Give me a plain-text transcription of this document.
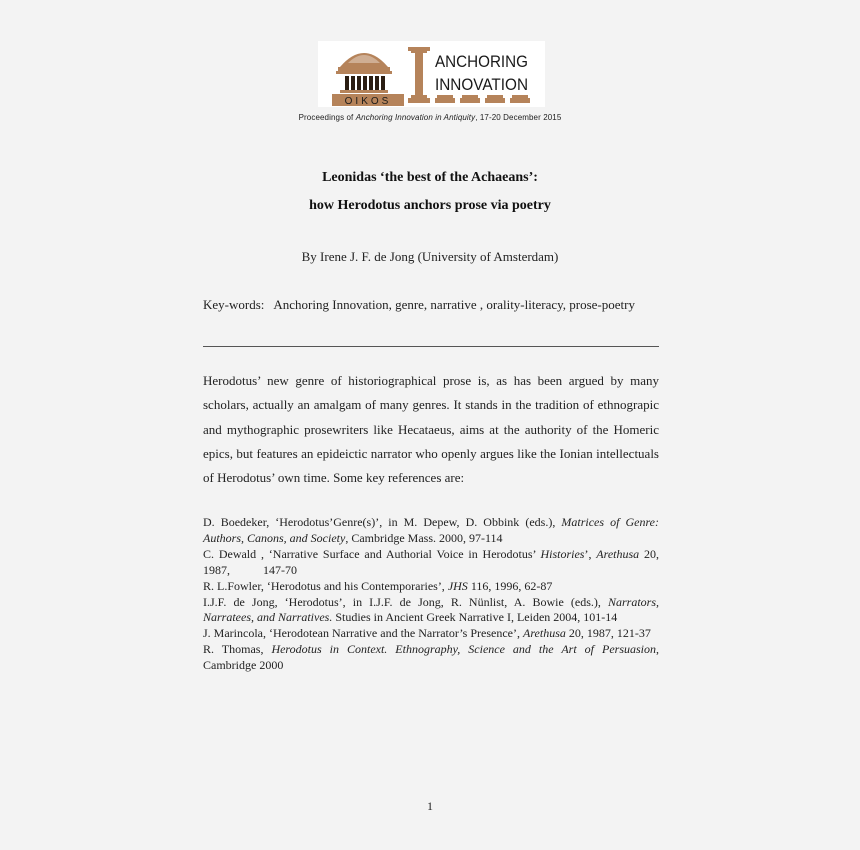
OIKOS
ANCHORING
INNOVATION
Proceedings of Anchoring Innovation in Antiquity, 17-20 December 2015
Leonidas ‘the best of the Achaeans’:
how Herodotus anchors prose via poetry
By Irene J. F. de Jong (University of Amsterdam)
Key-words: Anchoring Innovation, genre, narrative , orality-literacy, prose-poetry
Herodotus’ new genre of historiographical prose is, as has been argued by many scholars, actually an amalgam of many genres. It stands in the tradition of ethnograpic and mythographic prosewriters like Hecataeus, aims at the authority of the Homeric epics, but features an epideictic narrator who openly argues like the Ionian intellectuals of Herodotus’ own time. Some key references are:

D. Boedeker, ‘Herodotus’Genre(s)’, in M. Depew, D. Obbink (eds.), Matrices of Genre: Authors, Canons, and Society, Cambridge Mass. 2000, 97-114

C. Dewald , ‘Narrative Surface and Authorial Voice in Herodotus’ Histories’, Arethusa 20, 1987,           147-70

R. L.Fowler, ‘Herodotus and his Contemporaries’, JHS 116, 1996, 62-87

I.J.F. de Jong, ‘Herodotus’, in I.J.F. de Jong, R. Nünlist, A. Bowie (eds.), Narrators, Narratees, and Narratives. Studies in Ancient Greek Narrative I, Leiden 2004, 101-14

J. Marincola, ‘Herodotean Narrative and the Narrator’s Presence’, Arethusa 20, 1987, 121-37

R. Thomas, Herodotus in Context. Ethnography, Science and the Art of Persuasion, Cambridge 2000

1
